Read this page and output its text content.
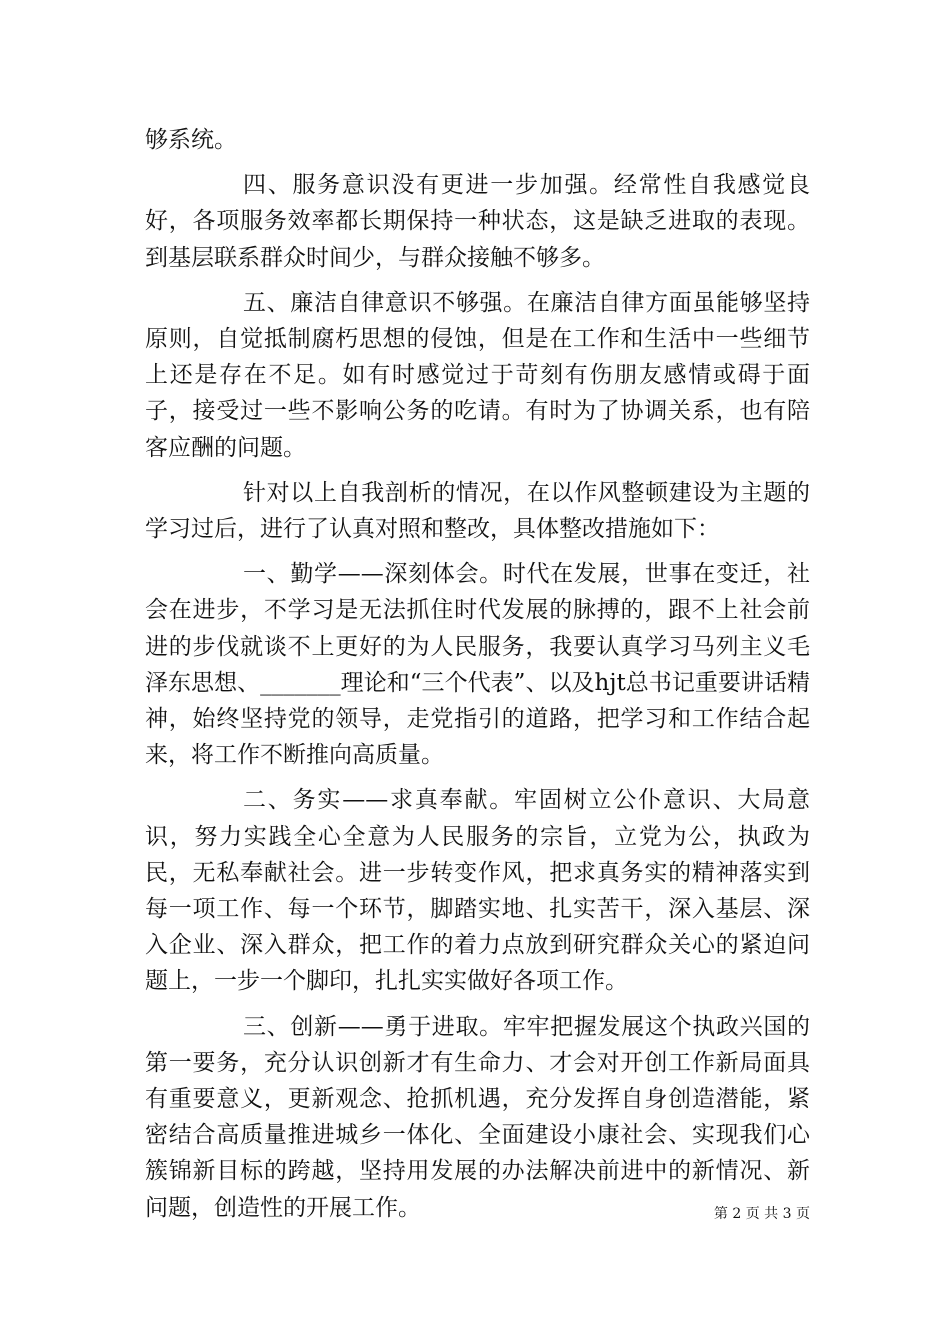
够系统。

四、服务意识没有更进一步加强。经常性自我感觉良好，各项服务效率都长期保持一种状态，这是缺乏进取的表现。到基层联系群众时间少，与群众接触不够多。

五、廉洁自律意识不够强。在廉洁自律方面虽能够坚持原则，自觉抵制腐朽思想的侵蚀，但是在工作和生活中一些细节上还是存在不足。如有时感觉过于苛刻有伤朋友感情或碍于面子，接受过一些不影响公务的吃请。有时为了协调关系，也有陪客应酬的问题。

针对以上自我剖析的情况，在以作风整顿建设为主题的学习过后，进行了认真对照和整改，具体整改措施如下：

一、勤学——深刻体会。时代在发展，世事在变迁，社会在进步，不学习是无法抓住时代发展的脉搏的，跟不上社会前进的步伐就谈不上更好的为人民服务，我要认真学习马列主义毛泽东思想、_______理论和“三个代表”、以及hjt总书记重要讲话精神，始终坚持党的领导，走党指引的道路，把学习和工作结合起来，将工作不断推向高质量。

二、务实——求真奉献。牢固树立公仆意识、大局意识，努力实践全心全意为人民服务的宗旨，立党为公，执政为民，无私奉献社会。进一步转变作风，把求真务实的精神落实到每一项工作、每一个环节，脚踏实地、扎实苦干，深入基层、深入企业、深入群众，把工作的着力点放到研究群众关心的紧迫问题上，一步一个脚印，扎扎实实做好各项工作。

三、创新——勇于进取。牢牢把握发展这个执政兴国的第一要务，充分认识创新才有生命力、才会对开创工作新局面具有重要意义，更新观念、抢抓机遇，充分发挥自身创造潜能，紧密结合高质量推进城乡一体化、全面建设小康社会、实现我们心簇锦新目标的跨越，坚持用发展的办法解决前进中的新情况、新问题，创造性的开展工作。	第 2 页 共 3 页
